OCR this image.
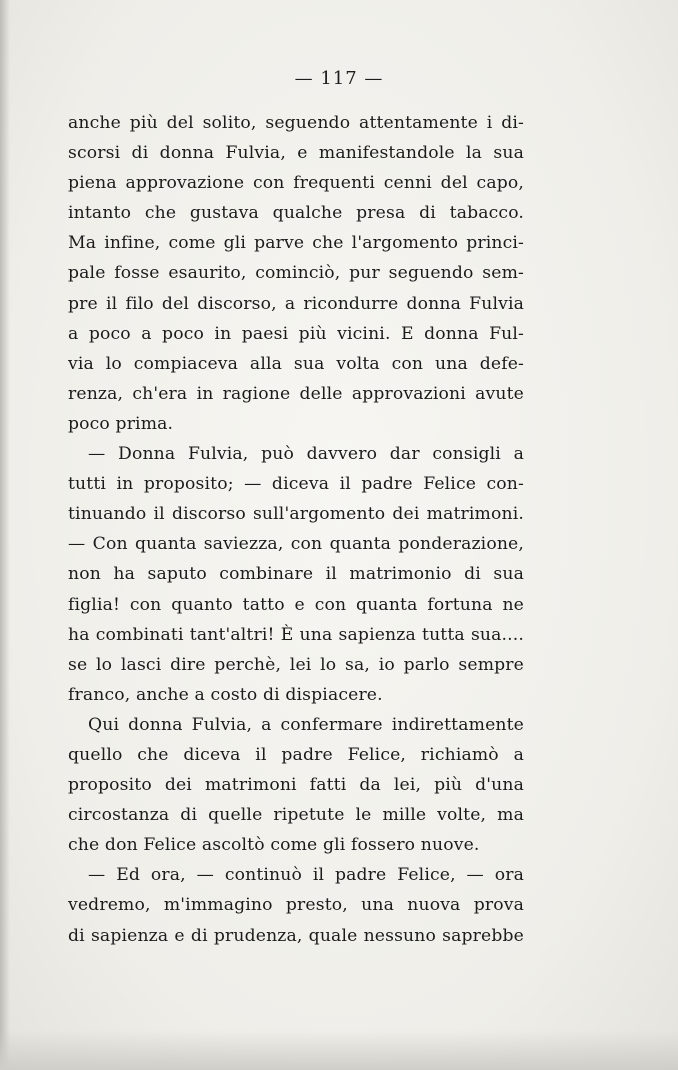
— 117 —
anche più del solito, seguendo attentamente i di-
scorsi di donna Fulvia, e manifestandole la sua
piena approvazione con frequenti cenni del capo,
intanto che gustava qualche presa di tabacco.
Ma infine, come gli parve che l'argomento princi-
pale fosse esaurito, cominciò, pur seguendo sem-
pre il filo del discorso, a ricondurre donna Fulvia
a poco a poco in paesi più vicini. E donna Ful-
via lo compiaceva alla sua volta con una defe-
renza, ch'era in ragione delle approvazioni avute
poco prima.
— Donna Fulvia, può davvero dar consigli a
tutti in proposito; — diceva il padre Felice con-
tinuando il discorso sull'argomento dei matrimoni.
— Con quanta saviezza, con quanta ponderazione,
non ha saputo combinare il matrimonio di sua
figlia! con quanto tatto e con quanta fortuna ne
ha combinati tant'altri! È una sapienza tutta sua....
se lo lasci dire perchè, lei lo sa, io parlo sempre
franco, anche a costo di dispiacere.
Qui donna Fulvia, a confermare indirettamente
quello che diceva il padre Felice, richiamò a
proposito dei matrimoni fatti da lei, più d'una
circostanza di quelle ripetute le mille volte, ma
che don Felice ascoltò come gli fossero nuove.
— Ed ora, — continuò il padre Felice, — ora
vedremo, m'immagino presto, una nuova prova
di sapienza e di prudenza, quale nessuno saprebbe
